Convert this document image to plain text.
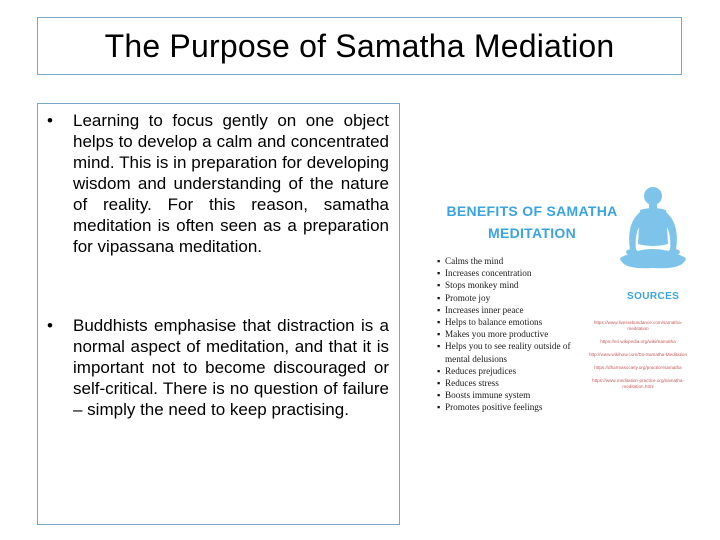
The Purpose of Samatha Mediation
•	Learning to focus gently on one object helps to develop a calm and concentrated mind. This is in preparation for developing wisdom and understanding of the nature of reality. For this reason, samatha meditation is often seen as a preparation for vipassana meditation.
•	Buddhists emphasise that distraction is a normal aspect of meditation, and that it is important not to become discouraged or self-critical. There is no question of failure – simply the need to keep practising.
BENEFITS OF SAMATHA
MEDITATION
▪ Calms the mind
▪ Increases concentration
▪ Stops monkey mind
▪ Promote joy
▪ Increases inner peace
▪ Helps to balance emotions
▪ Makes you more productive
▪ Helps you to see reality outside of
mental delusions
▪ Reduces prejudices
▪ Reduces stress
▪ Boosts immune system
▪ Promotes positive feelings
SOURCES
https://www.liveinabundance.com/samatha-meditation
https://en.wikipedia.org/wiki/Samatha
http://www.wikihow.com/Do-Samatha-Meditation
https://dharmasociety.org/practice/samatha
https://www.meditation-practice.org/samatha-meditation.html
